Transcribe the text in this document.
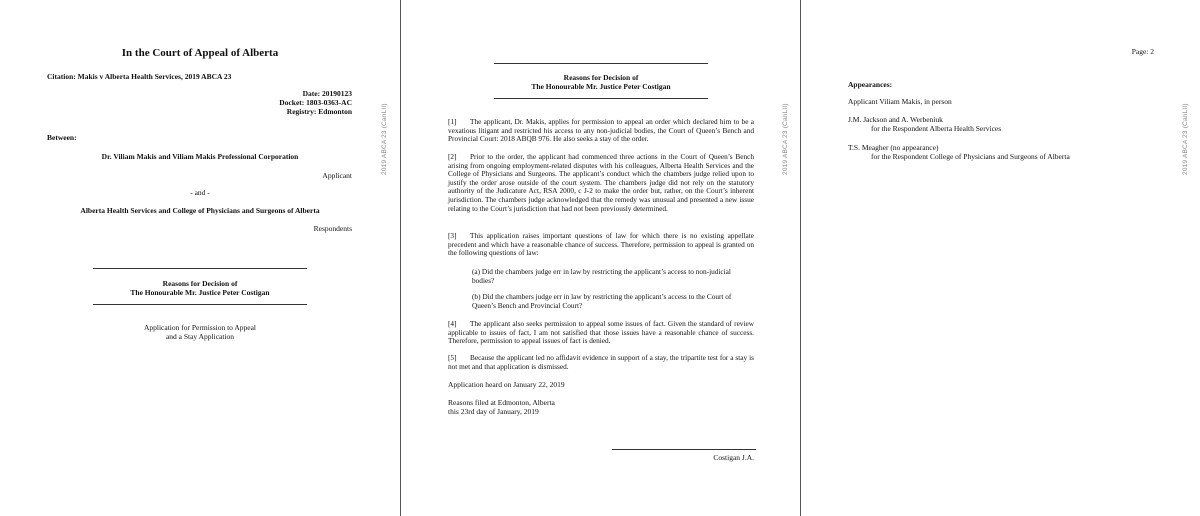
In the Court of Appeal of Alberta
Citation: Makis v Alberta Health Services, 2019 ABCA 23
Date: 20190123
Docket: 1803-0363-AC
Registry: Edmonton
Between:
Dr. Viliam Makis and Viliam Makis Professional Corporation
Applicant
- and -
Alberta Health Services and College of Physicians and Surgeons of Alberta
Respondents
Reasons for Decision of
The Honourable Mr. Justice Peter Costigan
Application for Permission to Appeal
and a Stay Application
2019 ABCA 23 (CanLII)
Reasons for Decision of
The Honourable Mr. Justice Peter Costigan
[1] The applicant, Dr. Makis, applies for permission to appeal an order which declared him to be a vexatious litigant and restricted his access to any non-judicial bodies, the Court of Queen’s Bench and Provincial Court: 2018 ABQB 976. He also seeks a stay of the order.
[2] Prior to the order, the applicant had commenced three actions in the Court of Queen’s Bench arising from ongoing employment-related disputes with his colleagues, Alberta Health Services and the College of Physicians and Surgeons. The applicant’s conduct which the chambers judge relied upon to justify the order arose outside of the court system. The chambers judge did not rely on the statutory authority of the Judicature Act, RSA 2000, c J-2 to make the order but, rather, on the Court’s inherent jurisdiction. The chambers judge acknowledged that the remedy was unusual and presented a new issue relating to the Court’s jurisdiction that had not been previously determined.
[3] This application raises important questions of law for which there is no existing appellate precedent and which have a reasonable chance of success. Therefore, permission to appeal is granted on the following questions of law:
(a) Did the chambers judge err in law by restricting the applicant’s access to non-judicial bodies?
(b) Did the chambers judge err in law by restricting the applicant’s access to the Court of Queen’s Bench and Provincial Court?
[4] The applicant also seeks permission to appeal some issues of fact. Given the standard of review applicable to issues of fact, I am not satisfied that those issues have a reasonable chance of success. Therefore, permission to appeal issues of fact is denied.
[5] Because the applicant led no affidavit evidence in support of a stay, the tripartite test for a stay is not met and that application is dismissed.
Application heard on January 22, 2019
Reasons filed at Edmonton, Alberta
this 23rd day of January, 2019
Costigan J.A.
2019 ABCA 23 (CanLII)
Page: 2
Appearances:
Applicant Viliam Makis, in person
J.M. Jackson and A. Werbeniuk
for the Respondent Alberta Health Services
T.S. Meagher (no appearance)
for the Respondent College of Physicians and Surgeons of Alberta	2019 ABCA 23 (CanLII)
